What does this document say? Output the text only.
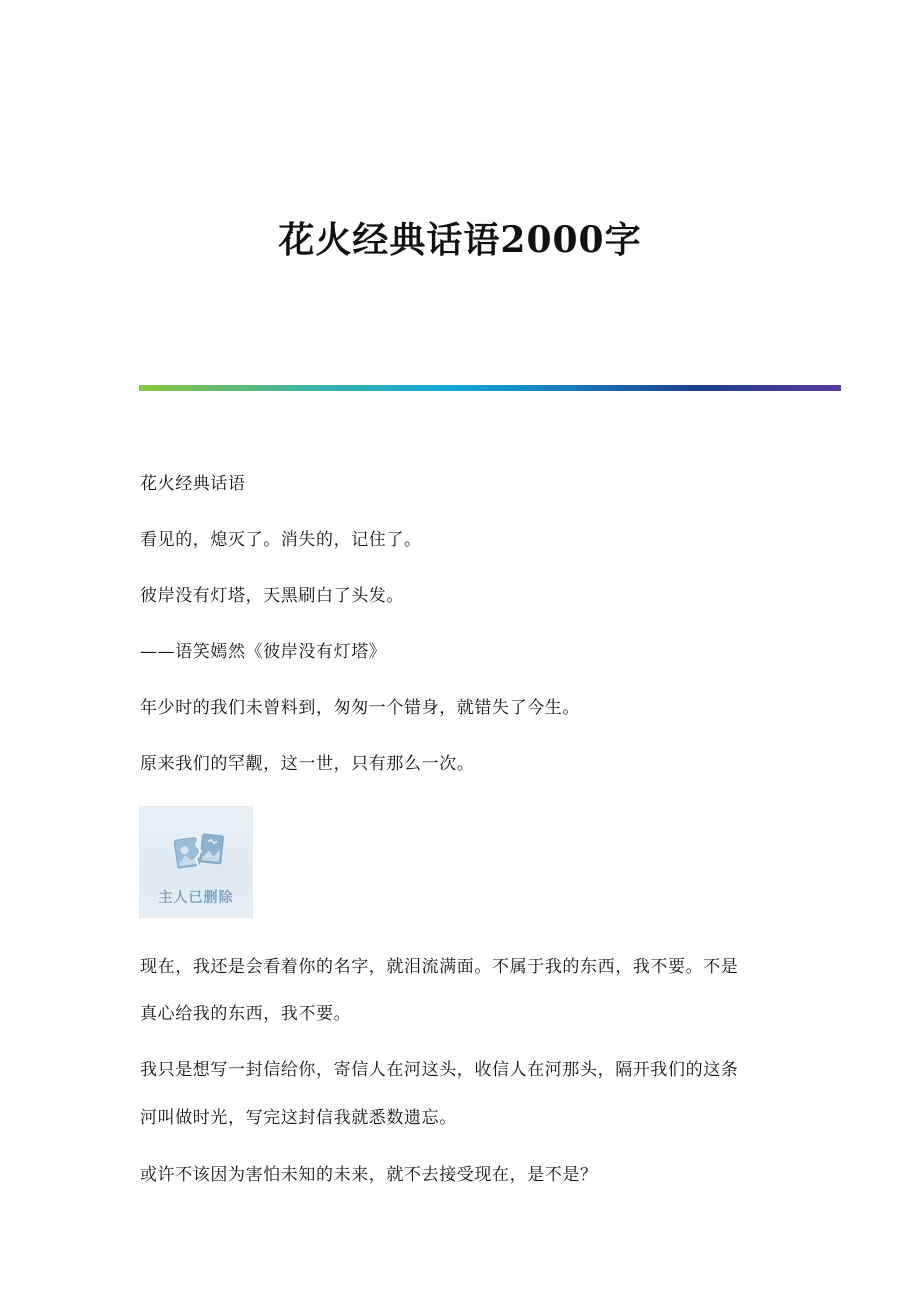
花火经典话语2000字
花火经典话语
看见的，熄灭了。消失的，记住了。
彼岸没有灯塔，天黑刷白了头发。
——语笑嫣然《彼岸没有灯塔》
年少时的我们未曾料到，匆匆一个错身，就错失了今生。
原来我们的罕觏，这一世，只有那么一次。
主人已删除
现在，我还是会看着你的名字，就泪流满面。不属于我的东西，我不要。不是
真心给我的东西，我不要。
我只是想写一封信给你，寄信人在河这头，收信人在河那头，隔开我们的这条
河叫做时光，写完这封信我就悉数遗忘。
或许不该因为害怕未知的未来，就不去接受现在，是不是？
